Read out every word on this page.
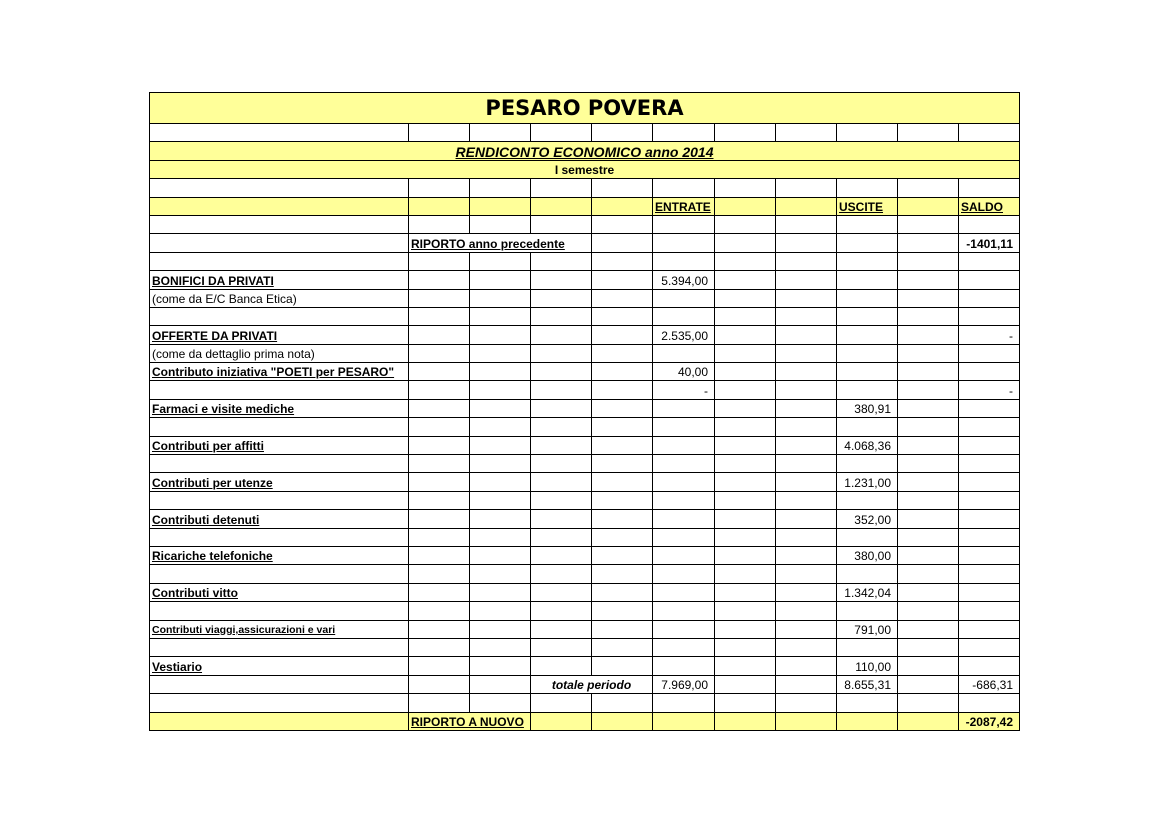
PESARO POVERA										

RENDICONTO ECONOMICO anno 2014										
I semestre										

					ENTRATE			USCITE		SALDO

	RIPORTO anno precedente									-1401,11

BONIFICI DA PRIVATI					5.394,00					
(come da E/C Banca Etica)										

OFFERTE DA PRIVATI					2.535,00					-
(come da dettaglio prima nota)										
Contributo iniziativa "POETI per PESARO"					40,00					
					-					-
Farmaci e visite mediche								380,91		

Contributi per affitti								4.068,36		

Contributi per utenze								1.231,00		

Contributi detenuti								352,00		

Ricariche telefoniche								380,00		

Contributi vitto								1.342,04		

Contributi viaggi,assicurazioni e vari								791,00		

Vestiario								110,00		
			totale periodo		7.969,00			8.655,31		-686,31

	RIPORTO A NUOVO									-2087,42
